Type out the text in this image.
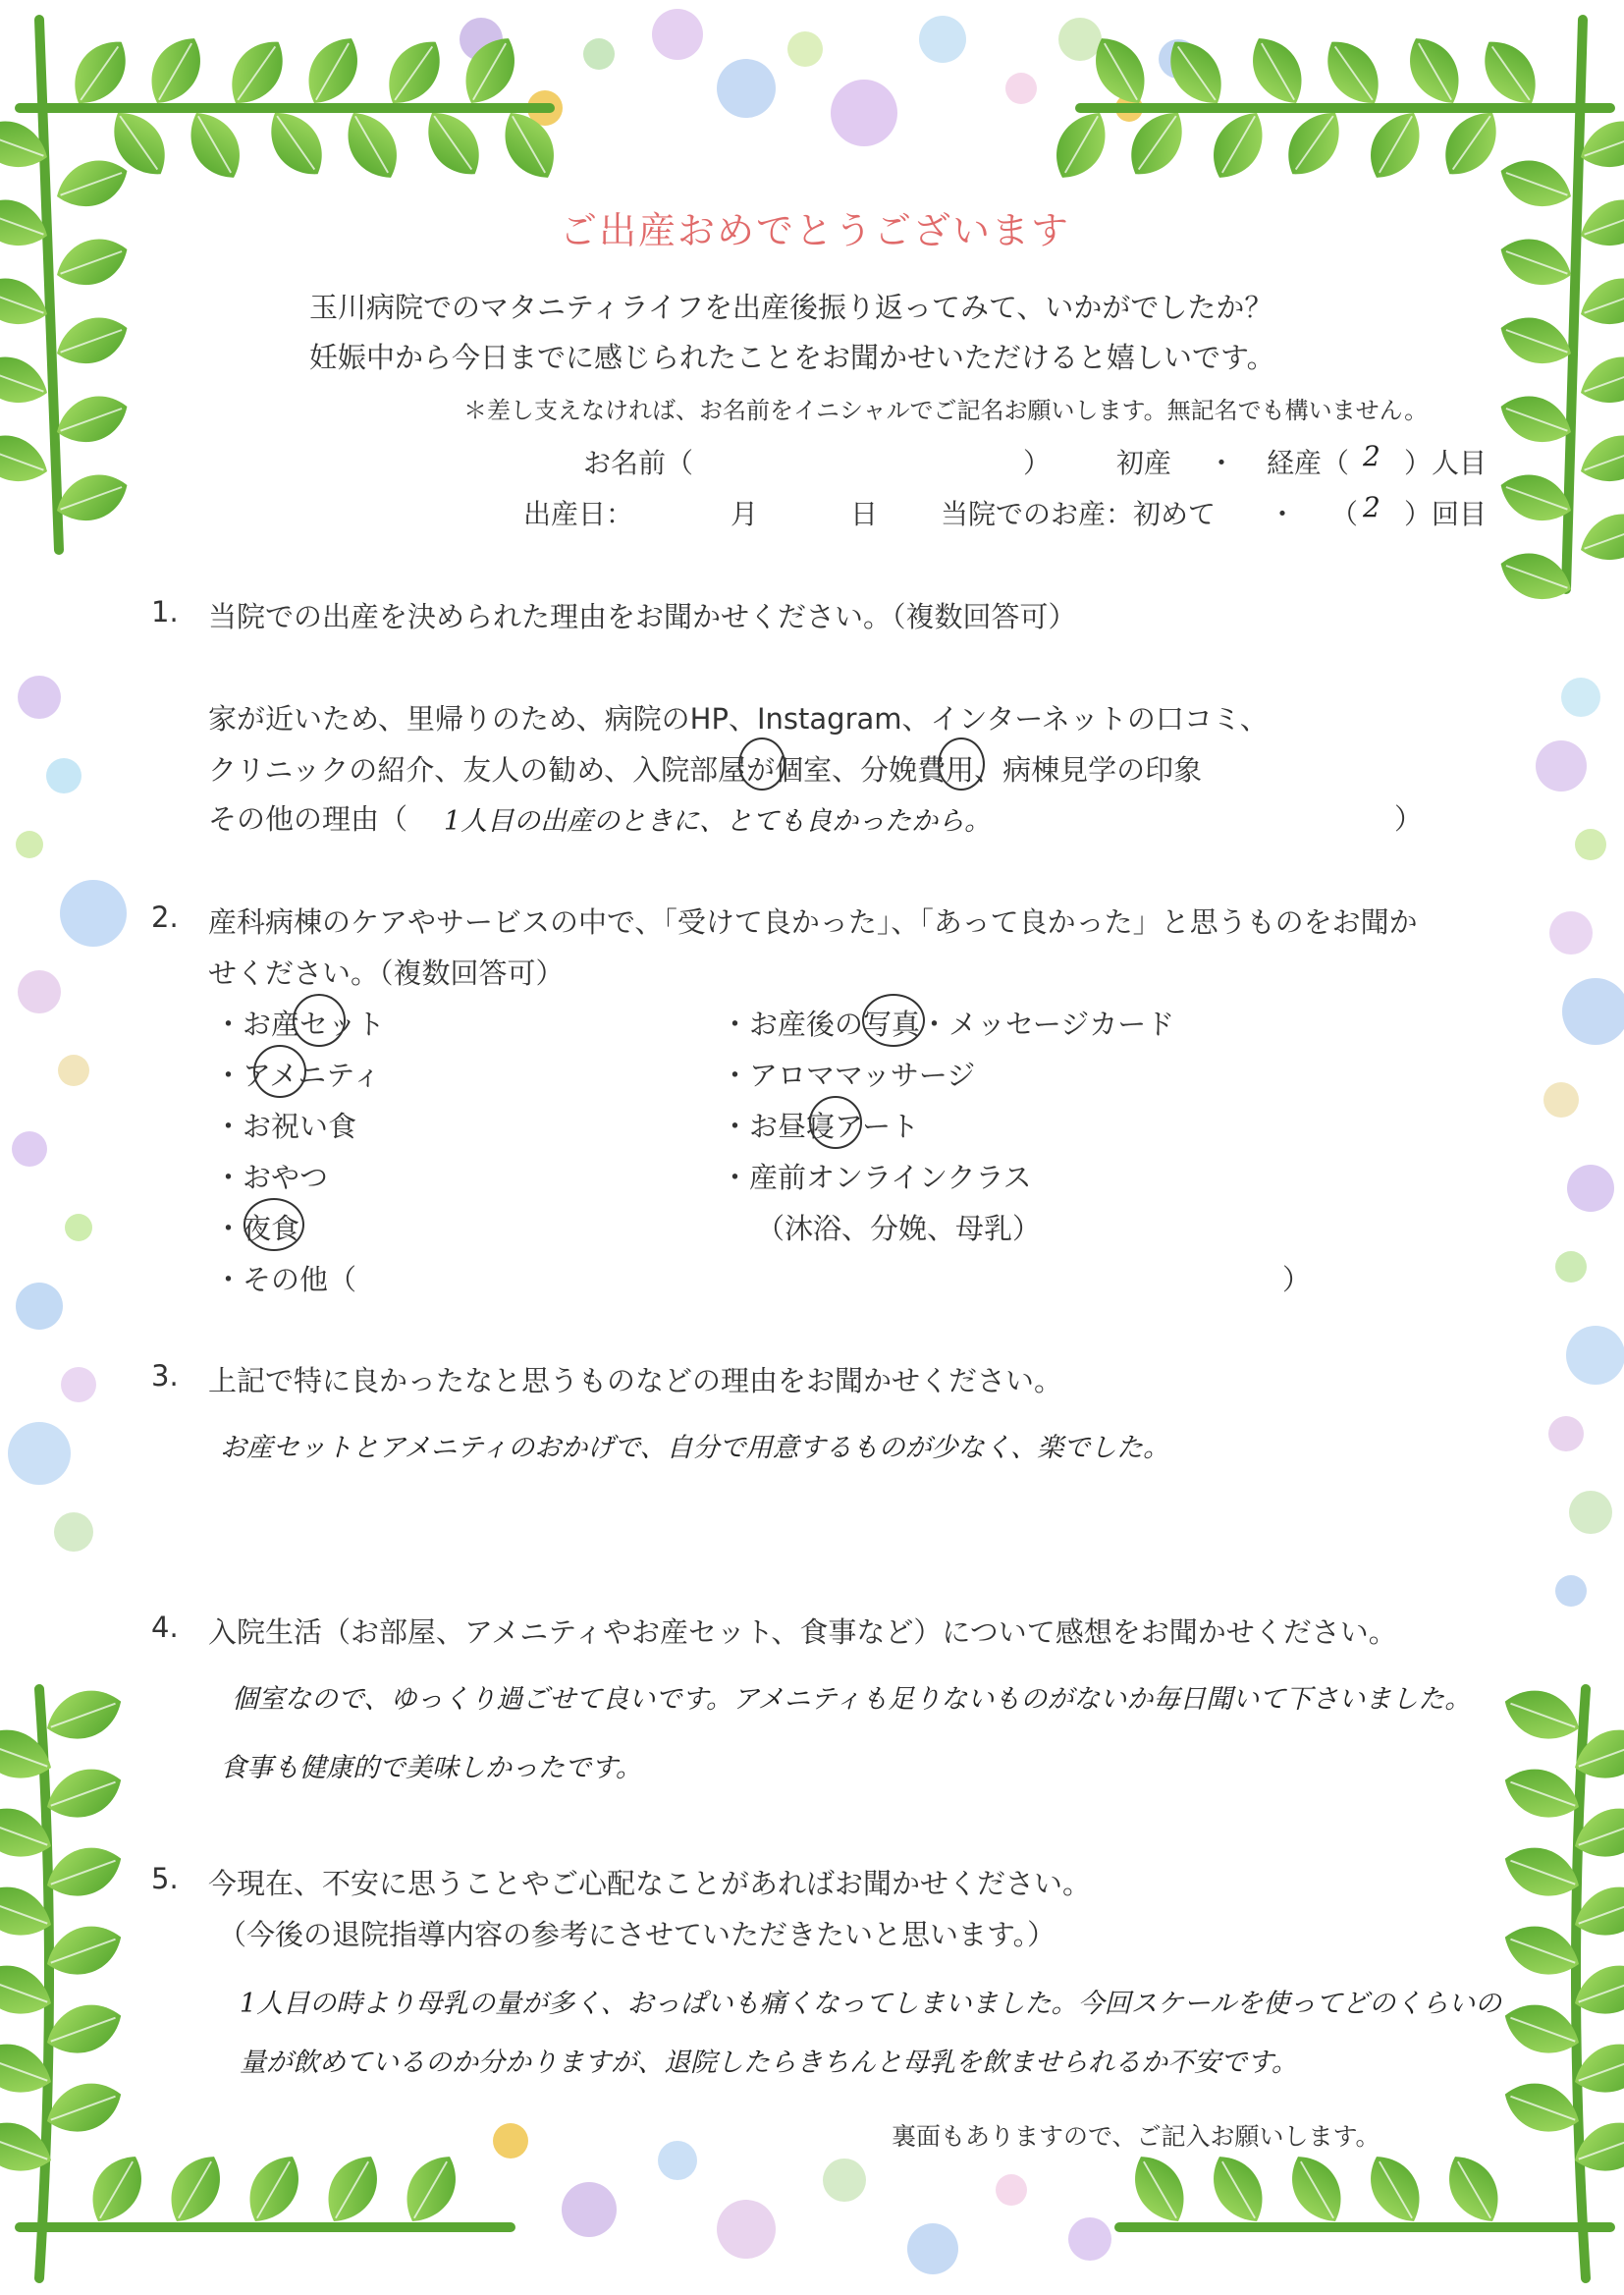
ご出産おめでとうございます
玉川病院でのマタニティライフを出産後振り返ってみて、いかがでしたか？
妊娠中から今日までに感じられたことをお聞かせいただけると嬉しいです。
＊差し支えなければ、お名前をイニシャルでご記名お願いします。無記名でも構いません。
お名前（	） 初産 ・ 経産（ 2 ）人目
出産日：	月	日 当院でのお産：初めて ・ （ 2 ）回目
1. 当院での出産を決められた理由をお聞かせください。（複数回答可）
家が近いため、里帰りのため、病院のHP、Instagram、インターネットの口コミ、
クリニックの紹介、友人の勧め、入院部屋が個室、分娩費用、病棟見学の印象
その他の理由（ 1人目の出産のときに、とても良かったから。	）
2. 産科病棟のケアやサービスの中で、「受けて良かった」、「あって良かった」と思うものをお聞か
せください。（複数回答可）
・お産セット
・アメニティ
・お祝い食
・おやつ
・夜食
・その他（	）
・お産後の写真・メッセージカード
・アロママッサージ
・お昼寝アート
・産前オンラインクラス
（沐浴、分娩、母乳）
3. 上記で特に良かったなと思うものなどの理由をお聞かせください。
お産セットとアメニティのおかげで、自分で用意するものが少なく、楽でした。
4. 入院生活（お部屋、アメニティやお産セット、食事など）について感想をお聞かせください。
個室なので、ゆっくり過ごせて良いです。アメニティも足りないものがないか毎日聞いて下さいました。
食事も健康的で美味しかったです。
5. 今現在、不安に思うことやご心配なことがあればお聞かせください。
（今後の退院指導内容の参考にさせていただきたいと思います。）
1人目の時より母乳の量が多く、おっぱいも痛くなってしまいました。今回スケールを使ってどのくらいの
量が飲めているのか分かりますが、退院したらきちんと母乳を飲ませられるか不安です。
裏面もありますので、ご記入お願いします。
